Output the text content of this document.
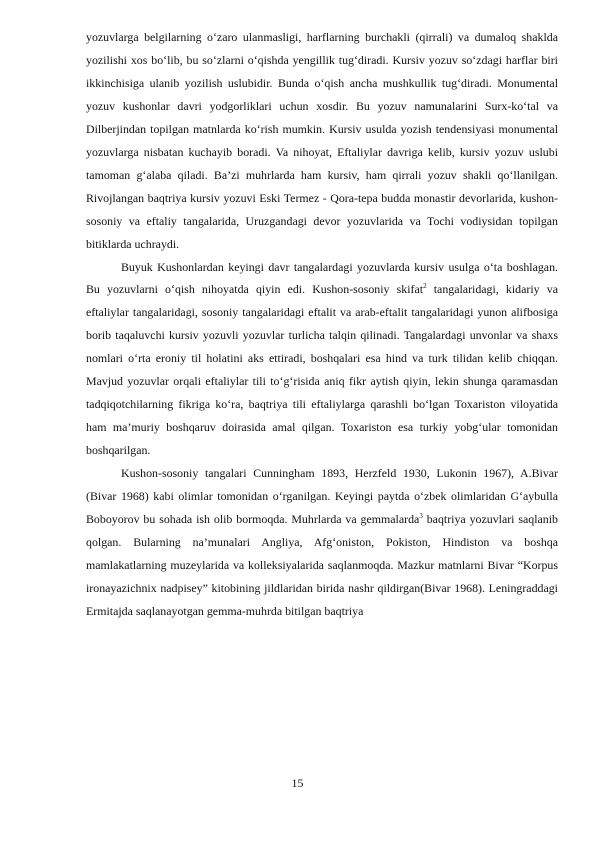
yozuvlarga belgilarning o‘zaro ulanmasligi, harflarning burchakli (qirrali) va dumaloq shaklda yozilishi xos bo‘lib, bu so‘zlarni o‘qishda yengillik tug‘diradi. Kursiv yozuv so‘zdagi harflar biri ikkinchisiga ulanib yozilish uslubidir. Bunda o‘qish ancha mushkullik tug‘diradi. Monumental yozuv kushonlar davri yodgorliklari uchun xosdir. Bu yozuv namunalarini Surx-ko‘tal va Dilberjindan topilgan matnlarda ko‘rish mumkin. Kursiv usulda yozish tendensiyasi monumental yozuvlarga nisbatan kuchayib boradi. Va nihoyat, Eftaliylar davriga kelib, kursiv yozuv uslubi tamoman g‘alaba qiladi. Ba’zi muhrlarda ham kursiv, ham qirrali yozuv shakli qo‘llanilgan. Rivojlangan baqtriya kursiv yozuvi Eski Termez - Qora-tepa budda monastir devorlarida, kushon-sosoniy va eftaliy tangalarida, Uruzgandagi devor yozuvlarida va Tochi vodiysidan topilgan bitiklarda uchraydi.

Buyuk Kushonlardan keyingi davr tangalardagi yozuvlarda kursiv usulga o‘ta boshlagan. Bu yozuvlarni o‘qish nihoyatda qiyin edi. Kushon-sosoniy skifat$^2$ tangalaridagi, kidariy va eftaliylar tangalaridagi, sosoniy tangalaridagi eftalit va arab-eftalit tangalaridagi yunon alifbosiga borib taqaluvchi kursiv yozuvli yozuvlar turlicha talqin qilinadi. Tangalardagi unvonlar va shaxs nomlari o‘rta eroniy til holatini aks ettiradi, boshqalari esa hind va turk tilidan kelib chiqqan. Mavjud yozuvlar orqali eftaliylar tili to‘g‘risida aniq fikr aytish qiyin, lekin shunga qaramasdan tadqiqotchilarning fikriga ko‘ra, baqtriya tili eftaliylarga qarashli bo‘lgan Toxariston viloyatida ham ma’muriy boshqaruv doirasida amal qilgan. Toxariston esa turkiy yobg‘ular tomonidan boshqarilgan.

Kushon-sosoniy tangalari Cunningham 1893, Herzfeld 1930, Lukonin 1967), A.Bivar (Bivar 1968) kabi olimlar tomonidan o‘rganilgan. Keyingi paytda o‘zbek olimlaridan G‘aybulla Boboyorov bu sohada ish olib bormoqda. Muhrlarda va gemmalarda$^3$ baqtriya yozuvlari saqlanib qolgan. Bularning na’munalari Angliya, Afg‘oniston, Pokiston, Hindiston va boshqa mamlakatlarning muzeylarida va kolleksiyalarida saqlanmoqda. Mazkur matnlarni Bivar “Korpus ironayazichnix nadpisey” kitobining jildlaridan birida nashr qildirgan(Bivar 1968). Leningraddagi Ermitajda saqlanayotgan gemma-muhrda bitilgan baqtriya

15
